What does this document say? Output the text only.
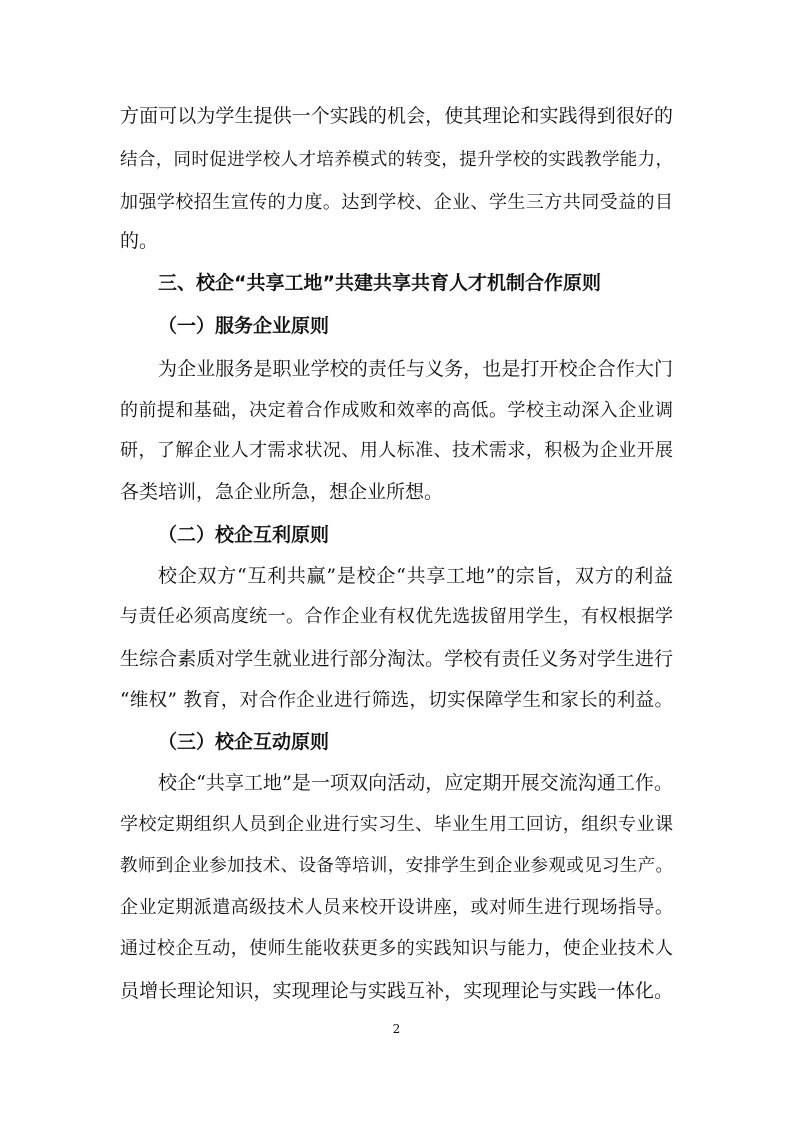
方面可以为学生提供一个实践的机会，使其理论和实践得到很好的
结合，同时促进学校人才培养模式的转变，提升学校的实践教学能力，
加强学校招生宣传的力度。达到学校、企业、学生三方共同受益的目
的。
三、校企“共享工地”共建共享共育人才机制合作原则
（一）服务企业原则
为企业服务是职业学校的责任与义务，也是打开校企合作大门
的前提和基础，决定着合作成败和效率的高低。学校主动深入企业调
研，了解企业人才需求状况、用人标准、技术需求，积极为企业开展
各类培训，急企业所急，想企业所想。
（二）校企互利原则
校企双方“互利共赢”是校企“共享工地”的宗旨，双方的利益
与责任必须高度统一。合作企业有权优先选拔留用学生，有权根据学
生综合素质对学生就业进行部分淘汰。学校有责任义务对学生进行
“维权” 教育，对合作企业进行筛选，切实保障学生和家长的利益。
（三）校企互动原则
校企“共享工地”是一项双向活动，应定期开展交流沟通工作。
学校定期组织人员到企业进行实习生、毕业生用工回访，组织专业课
教师到企业参加技术、设备等培训，安排学生到企业参观或见习生产。
企业定期派遣高级技术人员来校开设讲座，或对师生进行现场指导。
通过校企互动，使师生能收获更多的实践知识与能力，使企业技术人
员增长理论知识，实现理论与实践互补，实现理论与实践一体化。
2
